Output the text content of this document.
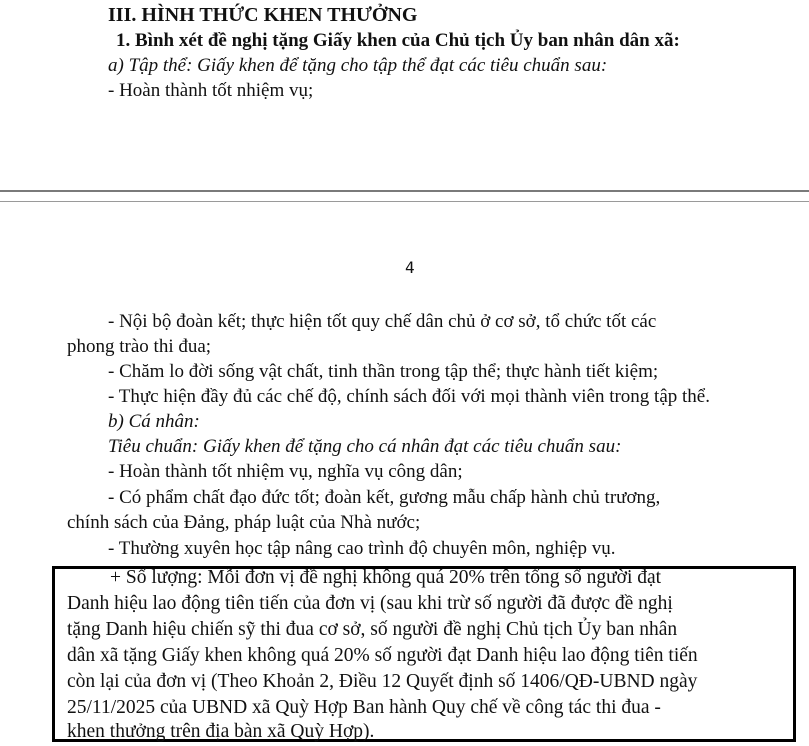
III. HÌNH THỨC KHEN THƯỞNG
1. Bình xét đề nghị tặng Giấy khen của Chủ tịch Ủy ban nhân dân xã:
a) Tập thể: Giấy khen để tặng cho tập thể đạt các tiêu chuẩn sau:
- Hoàn thành tốt nhiệm vụ;
4
- Nội bộ đoàn kết; thực hiện tốt quy chế dân chủ ở cơ sở, tổ chức tốt các
phong trào thi đua;
- Chăm lo đời sống vật chất, tinh thần trong tập thể; thực hành tiết kiệm;
- Thực hiện đầy đủ các chế độ, chính sách đối với mọi thành viên trong tập thể.
b) Cá nhân:
Tiêu chuẩn: Giấy khen để tặng cho cá nhân đạt các tiêu chuẩn sau:
- Hoàn thành tốt nhiệm vụ, nghĩa vụ công dân;
- Có phẩm chất đạo đức tốt; đoàn kết, gương mẫu chấp hành chủ trương,
chính sách của Đảng, pháp luật của Nhà nước;
- Thường xuyên học tập nâng cao trình độ chuyên môn, nghiệp vụ.
+ Số lượng: Mỗi đơn vị đề nghị không quá 20% trên tổng số người đạt
Danh hiệu lao động tiên tiến của đơn vị (sau khi trừ số người đã được đề nghị
tặng Danh hiệu chiến sỹ thi đua cơ sở, số người đề nghị Chủ tịch Ủy ban nhân
dân xã tặng Giấy khen không quá 20% số người đạt Danh hiệu lao động tiên tiến
còn lại của đơn vị (Theo Khoản 2, Điều 12 Quyết định số 1406/QĐ-UBND ngày
25/11/2025 của UBND xã Quỳ Hợp Ban hành Quy chế về công tác thi đua -
khen thưởng trên địa bàn xã Quỳ Hợp).
